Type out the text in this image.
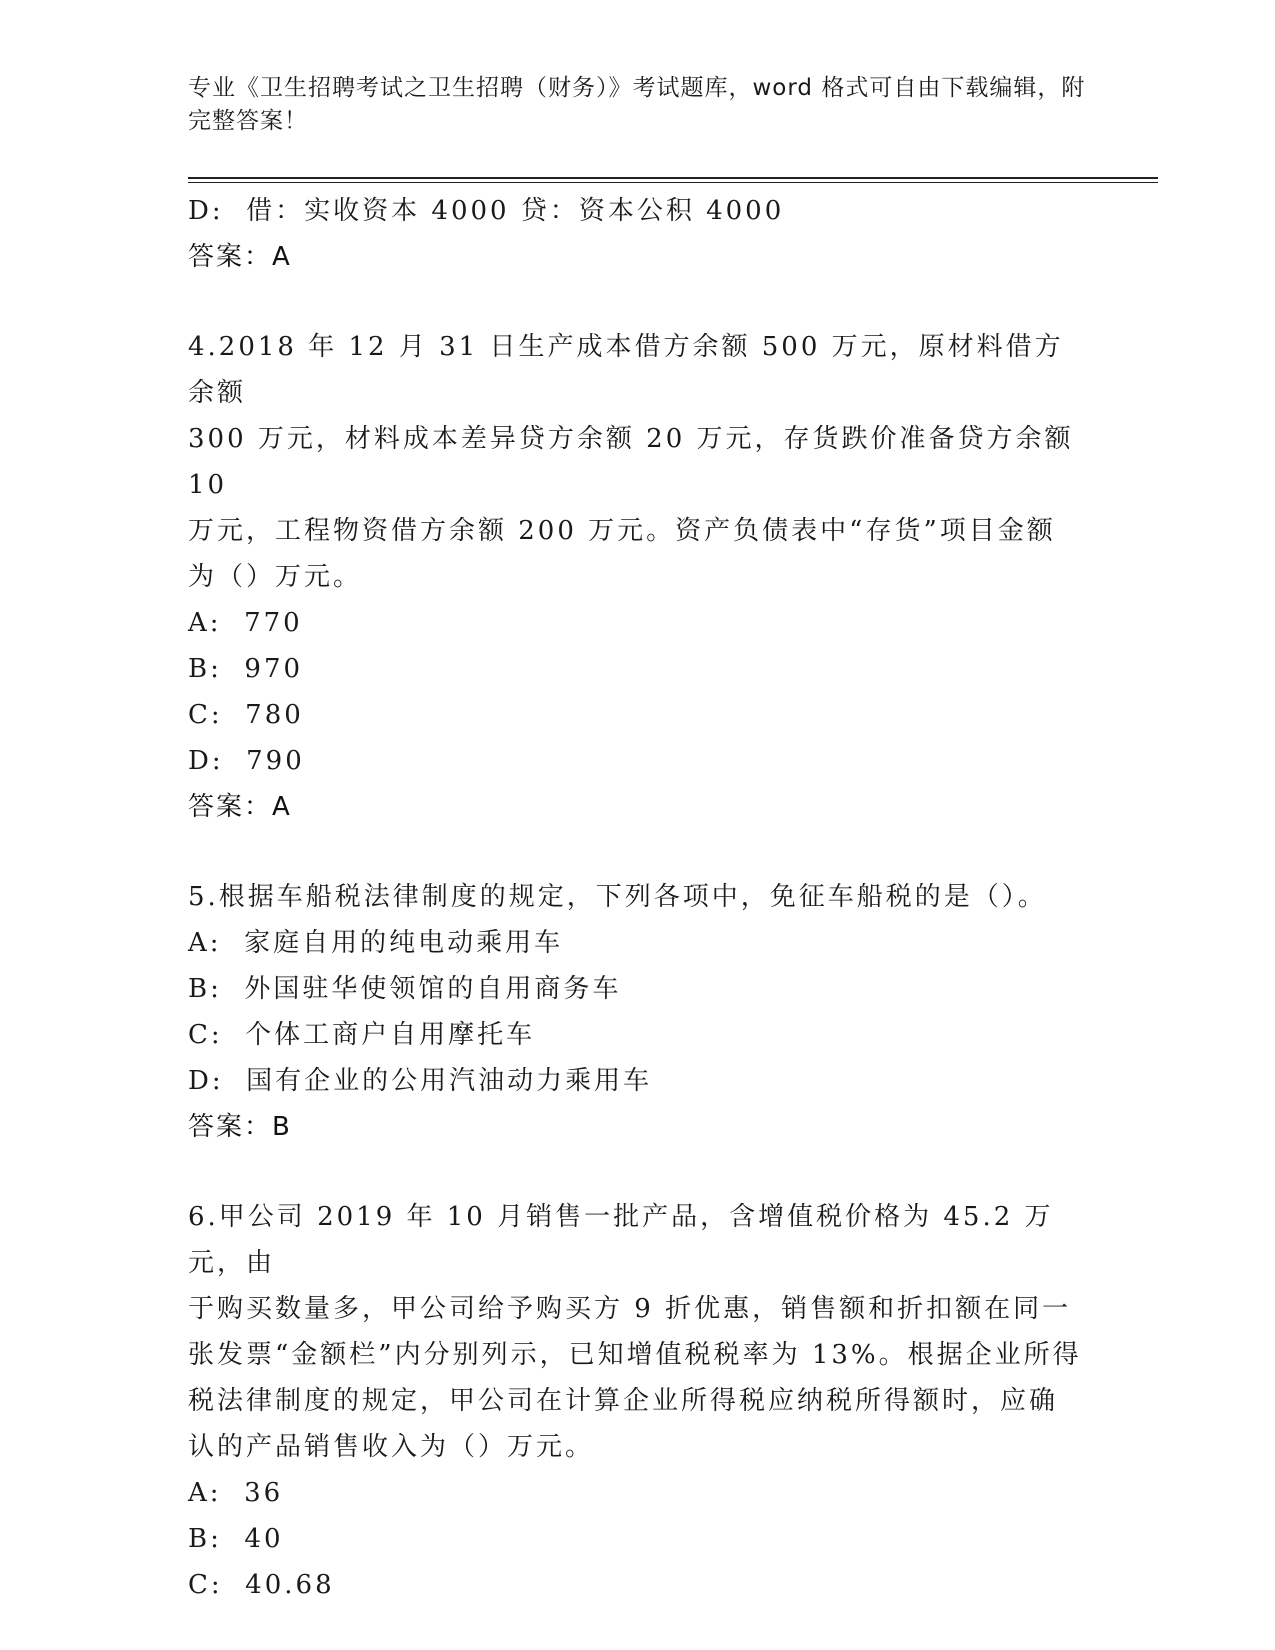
专业《卫生招聘考试之卫生招聘（财务）》考试题库，word 格式可自由下载编辑，附完整答案！
D:  借：实收资本 4000 贷：资本公积 4000
答案：A
4.2018 年 12 月 31 日生产成本借方余额 500 万元，原材料借方余额
300 万元，材料成本差异贷方余额 20 万元，存货跌价准备贷方余额 10
万元，工程物资借方余额 200 万元。资产负债表中“存货”项目金额
为（）万元。
A:  770
B:  970
C:  780
D:  790
答案：A
5.根据车船税法律制度的规定，下列各项中，免征车船税的是（）。
A:  家庭自用的纯电动乘用车
B:  外国驻华使领馆的自用商务车
C:  个体工商户自用摩托车
D:  国有企业的公用汽油动力乘用车
答案：B
6.甲公司 2019 年 10 月销售一批产品，含增值税价格为 45.2 万元，由
于购买数量多，甲公司给予购买方 9 折优惠，销售额和折扣额在同一
张发票“金额栏”内分别列示，已知增值税税率为 13%。根据企业所得
税法律制度的规定，甲公司在计算企业所得税应纳税所得额时，应确
认的产品销售收入为（）万元。
A:  36
B:  40
C:  40.68
